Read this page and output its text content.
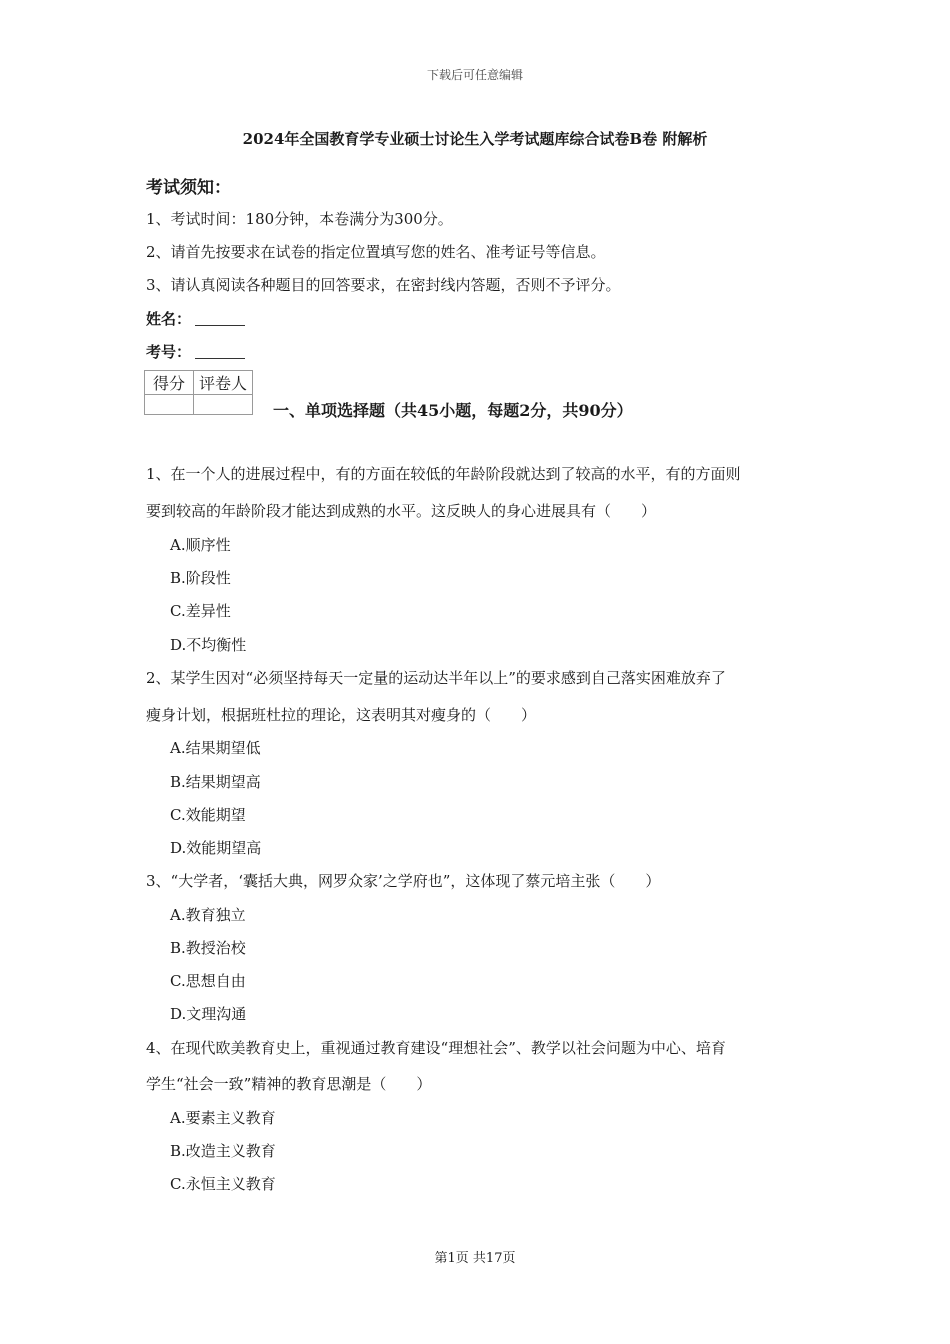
下载后可任意编辑
2024年全国教育学专业硕士讨论生入学考试题库综合试卷B卷 附解析
考试须知：
1、考试时间：180分钟，本卷满分为300分。
2、请首先按要求在试卷的指定位置填写您的姓名、准考证号等信息。
3、请认真阅读各种题目的回答要求，在密封线内答题，否则不予评分。
姓名：
考号：
得分	评卷人

一、单项选择题（共45小题，每题2分，共90分）
1、在一个人的进展过程中，有的方面在较低的年龄阶段就达到了较高的水平，有的方面则
要到较高的年龄阶段才能达到成熟的水平。这反映人的身心进展具有（　　）
A.顺序性
B.阶段性
C.差异性
D.不均衡性
2、某学生因对“必须坚持每天一定量的运动达半年以上”的要求感到自己落实困难放弃了
瘦身计划，根据班杜拉的理论，这表明其对瘦身的（　　）
A.结果期望低
B.结果期望高
C.效能期望
D.效能期望高
3、“大学者，‘囊括大典，网罗众家’之学府也”，这体现了蔡元培主张（　　）
A.教育独立
B.教授治校
C.思想自由
D.文理沟通
4、在现代欧美教育史上，重视通过教育建设“理想社会”、教学以社会问题为中心、培育
学生“社会一致”精神的教育思潮是（　　）
A.要素主义教育
B.改造主义教育
C.永恒主义教育
第1页 共17页
